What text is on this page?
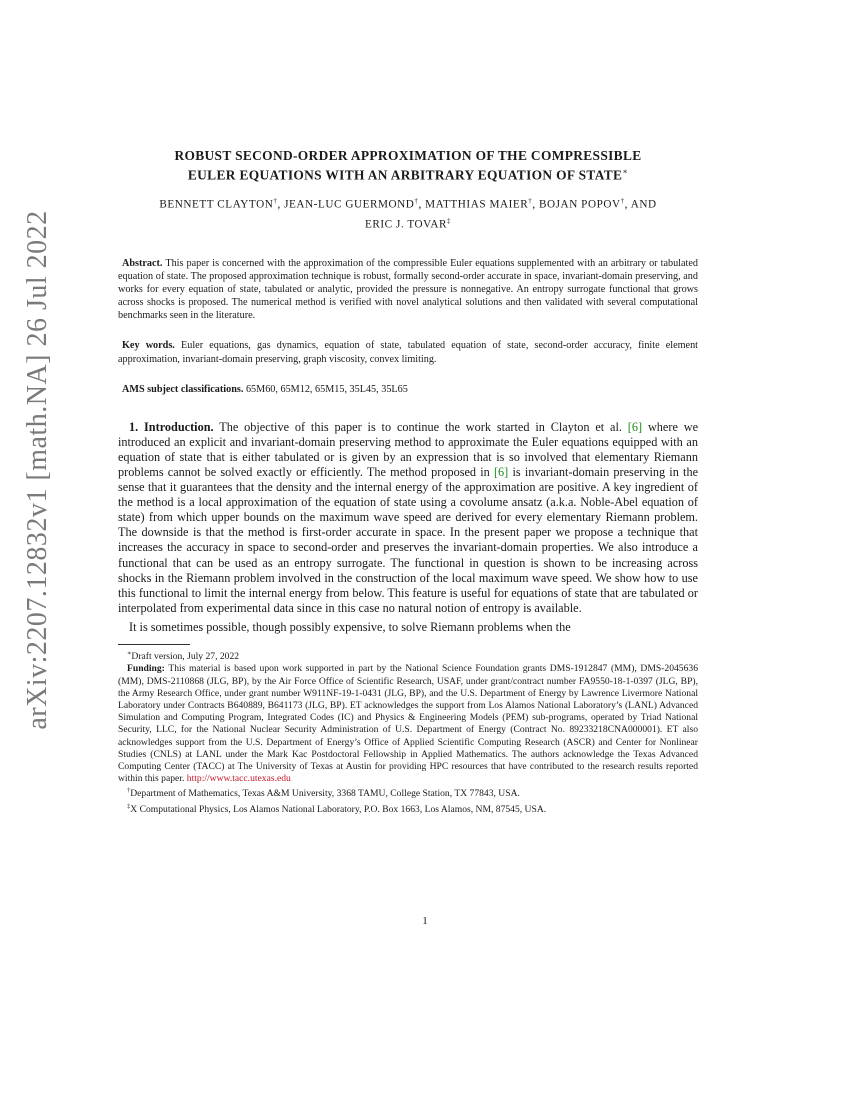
arXiv:2207.12832v1 [math.NA] 26 Jul 2022
ROBUST SECOND-ORDER APPROXIMATION OF THE COMPRESSIBLE
EULER EQUATIONS WITH AN ARBITRARY EQUATION OF STATE∗
BENNETT CLAYTON†, JEAN-LUC GUERMOND†, MATTHIAS MAIER†, BOJAN POPOV†, AND
ERIC J. TOVAR‡

Abstract. This paper is concerned with the approximation of the compressible Euler equations supplemented with an arbitrary or tabulated equation of state. The proposed approximation technique is robust, formally second-order accurate in space, invariant-domain preserving, and works for every equation of state, tabulated or analytic, provided the pressure is nonnegative. An entropy surrogate functional that grows across shocks is proposed. The numerical method is verified with novel analytical solutions and then validated with several computational benchmarks seen in the literature.

Key words. Euler equations, gas dynamics, equation of state, tabulated equation of state, second-order accuracy, finite element approximation, invariant-domain preserving, graph viscosity, convex limiting.

AMS subject classifications. 65M60, 65M12, 65M15, 35L45, 35L65

1. Introduction. The objective of this paper is to continue the work started in Clayton et al. [6] where we introduced an explicit and invariant-domain preserving method to approximate the Euler equations equipped with an equation of state that is either tabulated or is given by an expression that is so involved that elementary Riemann problems cannot be solved exactly or efficiently. The method proposed in [6] is invariant-domain preserving in the sense that it guarantees that the density and the internal energy of the approximation are positive. A key ingredient of the method is a local approximation of the equation of state using a covolume ansatz (a.k.a. Noble-Abel equation of state) from which upper bounds on the maximum wave speed are derived for every elementary Riemann problem. The downside is that the method is first-order accurate in space. In the present paper we propose a technique that increases the accuracy in space to second-order and preserves the invariant-domain properties. We also introduce a functional that can be used as an entropy surrogate. The functional in question is shown to be increasing across shocks in the Riemann problem involved in the construction of the local maximum wave speed. We show how to use this functional to limit the internal energy from below. This feature is useful for equations of state that are tabulated or interpolated from experimental data since in this case no natural notion of entropy is available.

It is sometimes possible, though possibly expensive, to solve Riemann problems when the

∗Draft version, July 27, 2022

Funding: This material is based upon work supported in part by the National Science Foundation grants DMS-1912847 (MM), DMS-2045636 (MM), DMS-2110868 (JLG, BP), by the Air Force Office of Scientific Research, USAF, under grant/contract number FA9550-18-1-0397 (JLG, BP), the Army Research Office, under grant number W911NF-19-1-0431 (JLG, BP), and the U.S. Department of Energy by Lawrence Livermore National Laboratory under Contracts B640889, B641173 (JLG, BP). ET acknowledges the support from Los Alamos National Laboratory’s (LANL) Advanced Simulation and Computing Program, Integrated Codes (IC) and Physics & Engineering Models (PEM) sub-programs, operated by Triad National Security, LLC, for the National Nuclear Security Administration of U.S. Department of Energy (Contract No. 89233218CNA000001). ET also acknowledges support from the U.S. Department of Energy’s Office of Applied Scientific Computing Research (ASCR) and Center for Nonlinear Studies (CNLS) at LANL under the Mark Kac Postdoctoral Fellowship in Applied Mathematics. The authors acknowledge the Texas Advanced Computing Center (TACC) at The University of Texas at Austin for providing HPC resources that have contributed to the research results reported within this paper. http://www.tacc.utexas.edu

†Department of Mathematics, Texas A&M University, 3368 TAMU, College Station, TX 77843, USA.

‡X Computational Physics, Los Alamos National Laboratory, P.O. Box 1663, Los Alamos, NM, 87545, USA.

1
